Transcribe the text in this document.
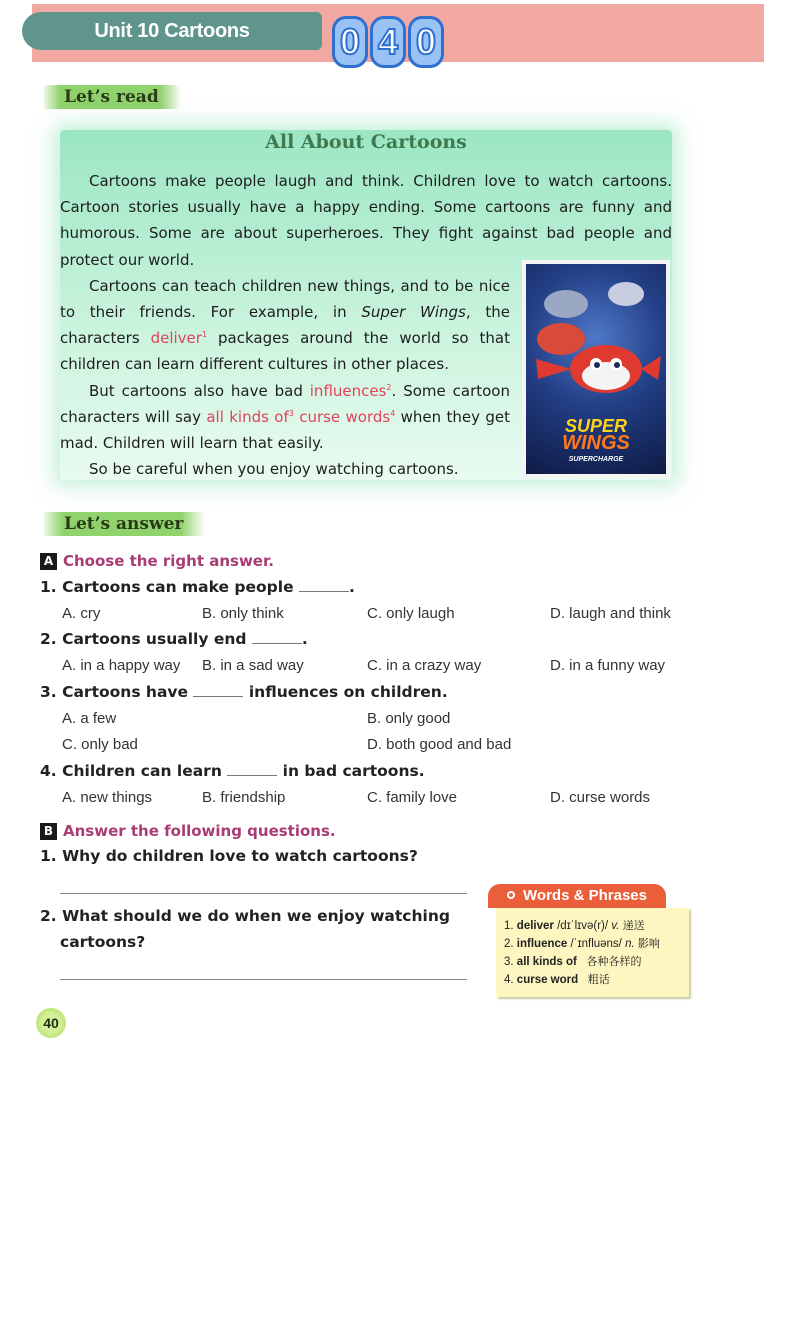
Unit 10 Cartoons	0 4 0
Let’s read
All About Cartoons

Cartoons make people laugh and think. Children love to watch cartoons. Cartoon stories usually have a happy ending. Some cartoons are funny and humorous. Some are about superheroes. They fight against bad people and protect our world.

Cartoons can teach children new things, and to be nice to their friends. For example, in Super Wings, the characters deliver$^1$ packages around the world so that children can learn different cultures in other places.

But cartoons also have bad influences$^2$. Some cartoon characters will say all kinds $of^3$ curse words$^4$ when they get mad. Children will learn that easily.

So be careful when you enjoy watching cartoons.

SUPER
WINGS
SUPERCHARGE
Let’s answer
A Choose the right answer.
1. Cartoons can make people	.
A. cry	B. only think	C. only laugh	D. laugh and think
2. Cartoons usually end	.
A. in a happy way B. in a sad way	C. in a crazy way	D. in a funny way
3. Cartoons have	influences on children.
A. a few	B. only good
C. only bad	D. both good and bad
4. Children can learn	in bad cartoons.
A. new things	B. friendship	C. family love	D. curse words
B Answer the following questions.
1. Why do children love to watch cartoons?
2. What should we do when we enjoy watching
cartoons?
Words & Phrases
1. deliver /dɪˈlɪvə(r)/ v. 递送
2. influence /ˈɪnfluəns/ n. 影响
3. all kinds of 各种各样的
4. curse word 粗话
40
